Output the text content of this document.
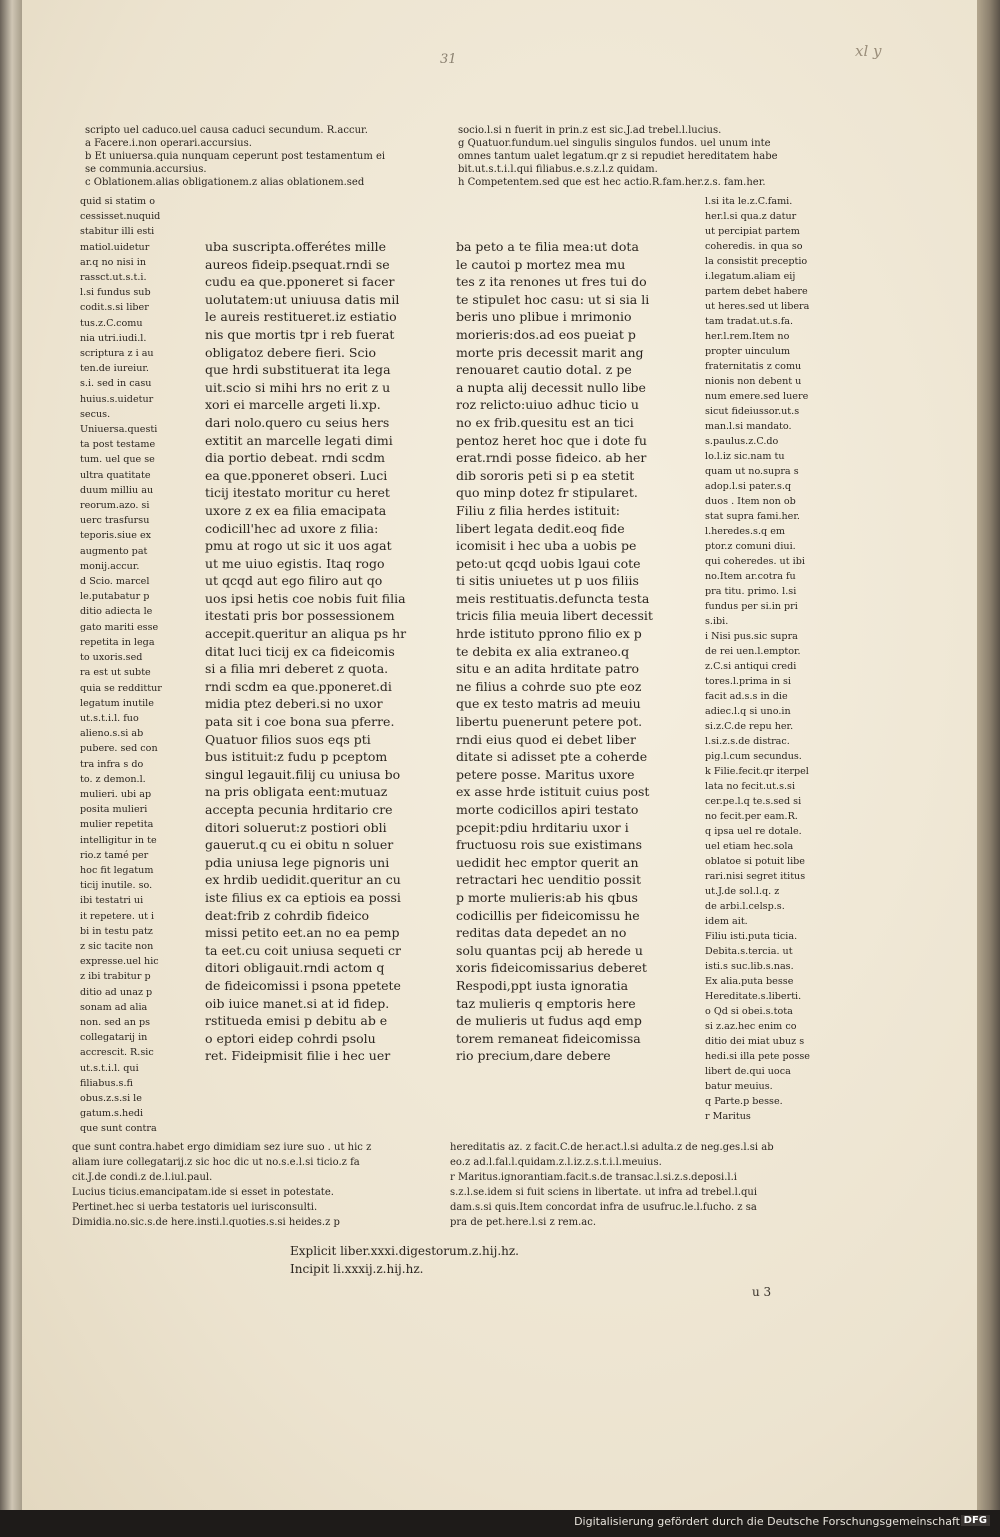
31	xl y

scripto uel caduco.uel causa caduci secundum. R.accur.

a Facere.i.non operari.accursius.

b Et uniuersa.quia nunquam ceperunt post testamentum ei

se communia.accursius.

c Oblationem.alias obligationem.z alias oblationem.sed

socio.l.si n fuerit in prin.z est sic.J.ad trebel.l.lucius.

g Quatuor.fundum.uel singulis singulos fundos. uel unum inte

omnes tantum ualet legatum.qr z si repudiet hereditatem habe

bit.ut.s.t.i.l.qui filiabus.e.s.z.l.z quidam.

h Competentem.sed que est hec actio.R.fam.her.z.s. fam.her.

quid si statim o

cessisset.nuquid

stabitur illi esti

matiol.uidetur

ar.q no nisi in

rassct.ut.s.t.i.

l.si fundus sub

codit.s.si liber

tus.z.C.comu

nia utri.iudi.l.

scriptura z i au

ten.de iureiur.

s.i. sed in casu

huius.s.uidetur

secus.

Uniuersa.questi

ta post testame

tum. uel que se

ultra quatitate

duum milliu au

reorum.azo. si

uerc trasfursu

teporis.siue ex

augmento pat

monij.accur.

d Scio. marcel

le.putabatur p

ditio adiecta le

gato mariti esse

repetita in lega

to uxoris.sed

ra est ut subte

quia se reddittur

legatum inutile

ut.s.t.i.l. fuo

alieno.s.si ab

pubere. sed con

tra infra s do

to. z demon.l.

mulieri. ubi ap

posita mulieri

mulier repetita

intelligitur in te

rio.z tamé per

hoc fit legatum

ticij inutile. so.

ibi testatri ui

it repetere. ut i

bi in testu patz

z sic tacite non

expresse.uel hic

z ibi trabitur p

ditio ad unaz p

sonam ad alia

non. sed an ps

collegatarij in

accrescit. R.sic

ut.s.t.i.l. qui

filiabus.s.fi

obus.z.s.si le

gatum.s.hedi

que sunt contra

uba suscripta.offerétes mille

aureos fideip.psequat.rndi se

cudu ea que.pponeret si facer

uolutatem:ut uniuusa datis mil

le aureis restitueret.iz estiatio

nis que mortis tpr i reb fuerat

obligatoz debere fieri. Scio

que hrdi substituerat ita lega

uit.scio si mihi hrs no erit z u

xori ei marcelle argeti li.xp.

dari nolo.quero cu seius hers

extitit an marcelle legati dimi

dia portio debeat. rndi scdm

ea que.pponeret obseri. Luci

ticij itestato moritur cu heret

uxore z ex ea filia emacipata

codicill'hec ad uxore z filia:

pmu at rogo ut sic it uos agat

ut me uiuo egistis. Itaq rogo

ut qcqd aut ego filiro aut qo

uos ipsi hetis coe nobis fuit filia

itestati pris bor possessionem

accepit.queritur an aliqua ps hr

ditat luci ticij ex ca fideicomis

si a filia mri deberet z quota.

rndi scdm ea que.pponeret.di

midia ptez deberi.si no uxor

pata sit i coe bona sua pferre.

Quatuor filios suos eqs pti

bus istituit:z fudu p pceptom

singul legauit.filij cu uniusa bo

na pris obligata eent:mutuaz

accepta pecunia hrditario cre

ditori soluerut:z postiori obli

gauerut.q cu ei obitu n soluer

pdia uniusa lege pignoris uni

ex hrdib uedidit.queritur an cu

iste filius ex ca eptiois ea possi

deat:frib z cohrdib fideico

missi petito eet.an no ea pemp

ta eet.cu coit uniusa sequeti cr

ditori obligauit.rndi actom q

de fideicomissi i psona ppetete

oib iuice manet.si at id fidep.

rstitueda emisi p debitu ab e

o eptori eidep cohrdi psolu

ret. Fideipmisit filie i hec uer

ba peto a te filia mea:ut dota

le cautoi p mortez mea mu

tes z ita renones ut fres tui do

te stipulet hoc casu: ut si sia li

beris uno plibue i mrimonio

morieris:dos.ad eos pueiat p

morte pris decessit marit ang

renouaret cautio dotal. z pe

a nupta alij decessit nullo libe

roz relicto:uiuo adhuc ticio u

no ex frib.quesitu est an tici

pentoz heret hoc que i dote fu

erat.rndi posse fideico. ab her

dib sororis peti si p ea stetit

quo minp dotez fr stipularet.

Filiu z filia herdes istituit:

libert legata dedit.eoq fide

icomisit i hec uba a uobis pe

peto:ut qcqd uobis lgaui cote

ti sitis uniuetes ut p uos filiis

meis restituatis.defuncta testa

tricis filia meuia libert decessit

hrde istituto pprono filio ex p

te debita ex alia extraneo.q

situ e an adita hrditate patro

ne filius a cohrde suo pte eoz

que ex testo matris ad meuiu

libertu puenerunt petere pot.

rndi eius quod ei debet liber

ditate si adisset pte a coherde

petere posse. Maritus uxore

ex asse hrde istituit cuius post

morte codicillos apiri testato

pcepit:pdiu hrditariu uxor i

fructuosu rois sue existimans

uedidit hec emptor querit an

retractari hec uenditio possit

p morte mulieris:ab his qbus

codicillis per fideicomissu he

reditas data depedet an no

solu quantas pcij ab herede u

xoris fideicomissarius deberet

Respodi,ppt iusta ignoratia

taz mulieris q emptoris here

de mulieris ut fudus aqd emp

torem remaneat fideicomissa

rio precium,dare debere

l.si ita le.z.C.fami.

her.l.si qua.z datur

ut percipiat partem

coheredis. in qua so

la consistit preceptio

i.legatum.aliam eij

partem debet habere

ut heres.sed ut libera

tam tradat.ut.s.fa.

her.l.rem.Item no

propter uinculum

fraternitatis z comu

nionis non debent u

num emere.sed luere

sicut fideiussor.ut.s

man.l.si mandato.

s.paulus.z.C.do

lo.l.iz sic.nam tu

quam ut no.supra s

adop.l.si pater.s.q

duos . Item non ob

stat supra fami.her.

l.heredes.s.q em

ptor.z comuni diui.

qui coheredes. ut ibi

no.Item ar.cotra fu

pra titu. primo. l.si

fundus per si.in pri

s.ibi.

i Nisi pus.sic supra

de rei uen.l.emptor.

z.C.si antiqui credi

tores.l.prima in si

facit ad.s.s in die

adiec.l.q si uno.in

si.z.C.de repu her.

l.si.z.s.de distrac.

pig.l.cum secundus.

k Filie.fecit.qr iterpel

lata no fecit.ut.s.si

cer.pe.l.q te.s.sed si

no fecit.per eam.R.

q ipsa uel re dotale.

uel etiam hec.sola

oblatoe si potuit libe

rari.nisi segret ititus

ut.J.de sol.l.q. z

de arbi.l.celsp.s.

idem ait.

Filiu isti.puta ticia.

Debita.s.tercia. ut

isti.s suc.lib.s.nas.

Ex alia.puta besse

Hereditate.s.liberti.

o Qd si obei.s.tota

si z.az.hec enim co

ditio dei miat ubuz s

hedi.si illa pete posse

libert de.qui uoca

batur meuius.

q Parte.p besse.

r Maritus

que sunt contra.habet ergo dimidiam sez iure suo . ut hic z

aliam iure collegatarij.z sic hoc dic ut no.s.e.l.si ticio.z fa

cit.J.de condi.z de.l.iul.paul.

Lucius ticius.emancipatam.ide si esset in potestate.

Pertinet.hec si uerba testatoris uel iurisconsulti.

Dimidia.no.sic.s.de here.insti.l.quoties.s.si heides.z p

hereditatis az. z facit.C.de her.act.l.si adulta.z de neg.ges.l.si ab

eo.z ad.l.fal.l.quidam.z.l.iz.z.s.t.i.l.meuius.

r Maritus.ignorantiam.facit.s.de transac.l.si.z.s.deposi.l.i

s.z.l.se.idem si fuit sciens in libertate. ut infra ad trebel.l.qui

dam.s.si quis.Item concordat infra de usufruc.le.l.fucho. z sa

pra de pet.here.l.si z rem.ac.

Explicit liber.xxxi.digestorum.z.hij.hz.

Incipit li.xxxij.z.hij.hz.

u 3
Digitalisierung gefördert durch die Deutsche Forschungsgemeinschaft DFG
